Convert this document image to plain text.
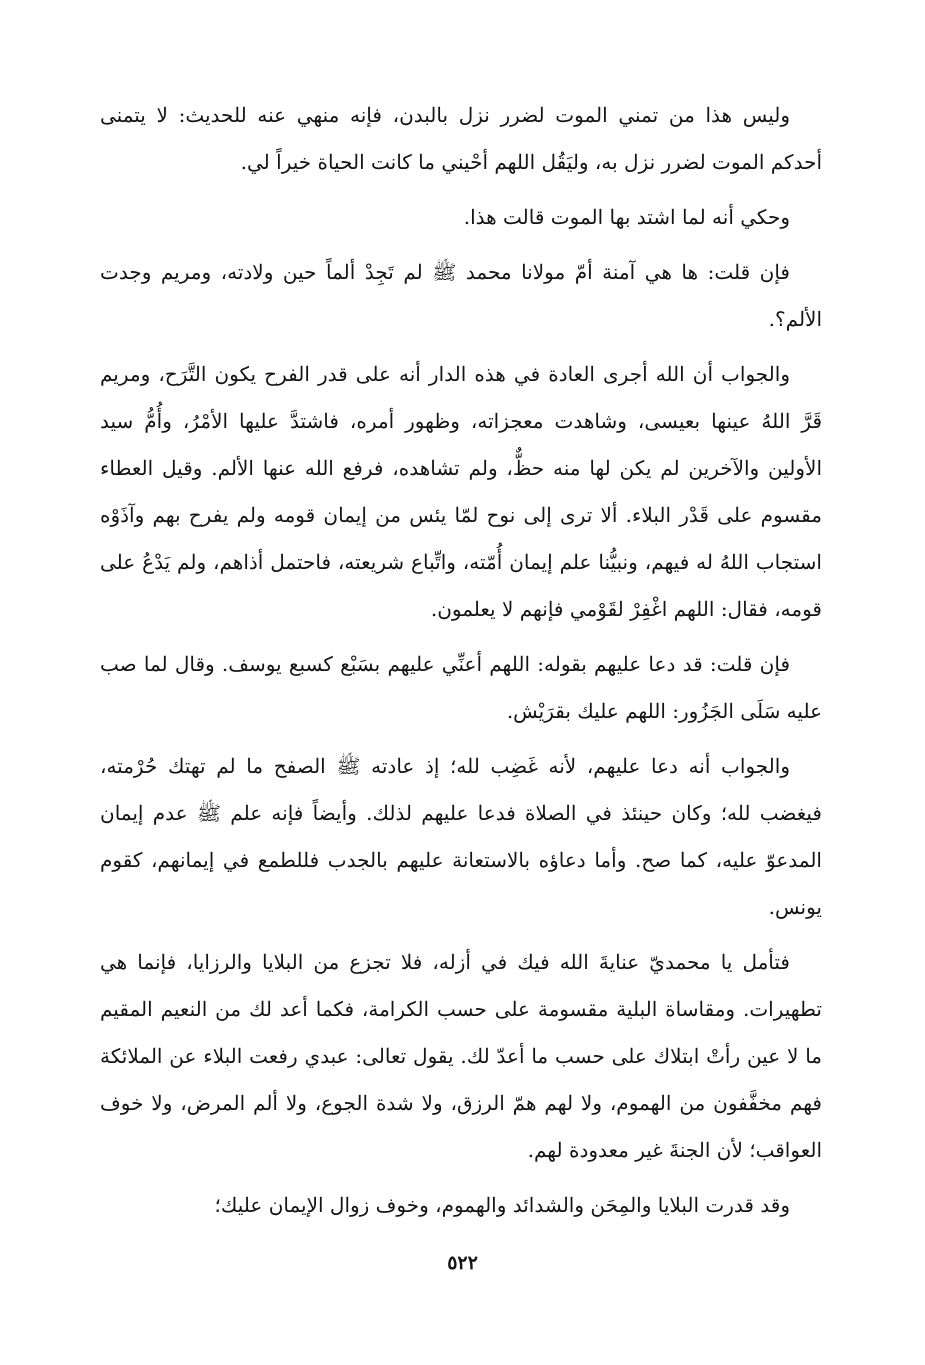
وليس هذا من تمني الموت لضرر نزل بالبدن، فإنه منهي عنه للحديث: لا يتمنى أحدكم الموت لضرر نزل به، وليَقُل اللهم أحْيني ما كانت الحياة خيراً لي.

وحكي أنه لما اشتد بها الموت قالت هذا.

فإن قلت: ها هي آمنة أمّ مولانا محمد ﷺ لم تَجِدْ ألماً حين ولادته، ومريم وجدت الألم؟.

والجواب أن الله أجرى العادة في هذه الدار أنه على قدر الفرح يكون التَّرَح، ومريم قَرَّ اللهُ عينها بعيسى، وشاهدت معجزاته، وظهور أمره، فاشتدَّ عليها الأمْرُ، وأُمُّ سيد الأولين والآخرين لم يكن لها منه حظٌّ، ولم تشاهده، فرفع الله عنها الألم. وقيل العطاء مقسوم على قَدْر البلاء. ألا ترى إلى نوح لمّا يئس من إيمان قومه ولم يفرح بهم وآذَوْه استجاب اللهُ له فيهم، ونبيُّنا علم إيمان أُمّته، واتِّباع شريعته، فاحتمل أذاهم، ولم يَدْعُ على قومه، فقال: اللهم اغْفِرْ لقَوْمي فإنهم لا يعلمون.

فإن قلت: قد دعا عليهم بقوله: اللهم أعنِّي عليهم بسَبْع كسبع يوسف. وقال لما صب عليه سَلَى الجَزُور: اللهم عليك بقرَيْش.

والجواب أنه دعا عليهم، لأنه غَضِب لله؛ إذ عادته ﷺ الصفح ما لم تهتك حُرْمته، فيغضب لله؛ وكان حينئذ في الصلاة فدعا عليهم لذلك. وأيضاً فإنه علم ﷺ عدم إيمان المدعوّ عليه، كما صح. وأما دعاؤه بالاستعانة عليهم بالجدب فللطمع في إيمانهم، كقوم يونس.

فتأمل يا محمديّ عنايةَ الله فيك في أزله، فلا تجزع من البلايا والرزايا، فإنما هي تطهيرات. ومقاساة البلية مقسومة على حسب الكرامة، فكما أعد لك من النعيم المقيم ما لا عين رأتْ ابتلاك على حسب ما أعدّ لك. يقول تعالى: عبدي رفعت البلاء عن الملائكة فهم مخفَّفون من الهموم، ولا لهم همّ الرزق، ولا شدة الجوع، ولا ألم المرض، ولا خوف العواقب؛ لأن الجنةَ غير معدودة لهم.

وقد قدرت البلايا والمِحَن والشدائد والهموم، وخوف زوال الإيمان عليك؛

٥٢٢
